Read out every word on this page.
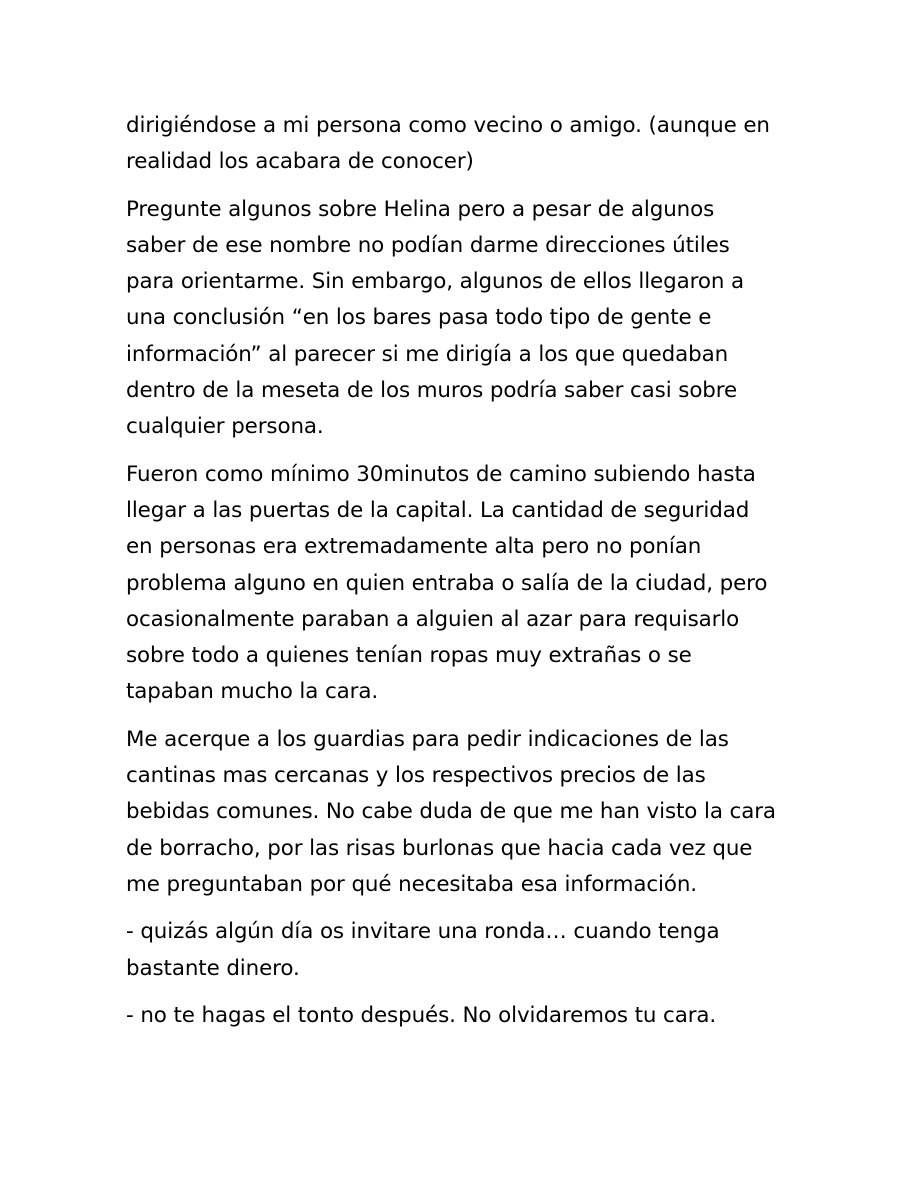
dirigiéndose a mi persona como vecino o amigo. (aunque en
realidad los acabara de conocer)

Pregunte algunos sobre Helina pero a pesar de algunos
saber de ese nombre no podían darme direcciones útiles
para orientarme. Sin embargo, algunos de ellos llegaron a
una conclusión “en los bares pasa todo tipo de gente e
información” al parecer si me dirigía a los que quedaban
dentro de la meseta de los muros podría saber casi sobre
cualquier persona.

Fueron como mínimo 30minutos de camino subiendo hasta
llegar a las puertas de la capital. La cantidad de seguridad
en personas era extremadamente alta pero no ponían
problema alguno en quien entraba o salía de la ciudad, pero
ocasionalmente paraban a alguien al azar para requisarlo
sobre todo a quienes tenían ropas muy extrañas o se
tapaban mucho la cara.

Me acerque a los guardias para pedir indicaciones de las
cantinas mas cercanas y los respectivos precios de las
bebidas comunes. No cabe duda de que me han visto la cara
de borracho, por las risas burlonas que hacia cada vez que
me preguntaban por qué necesitaba esa información.

- quizás algún día os invitare una ronda… cuando tenga
bastante dinero.

- no te hagas el tonto después. No olvidaremos tu cara.
